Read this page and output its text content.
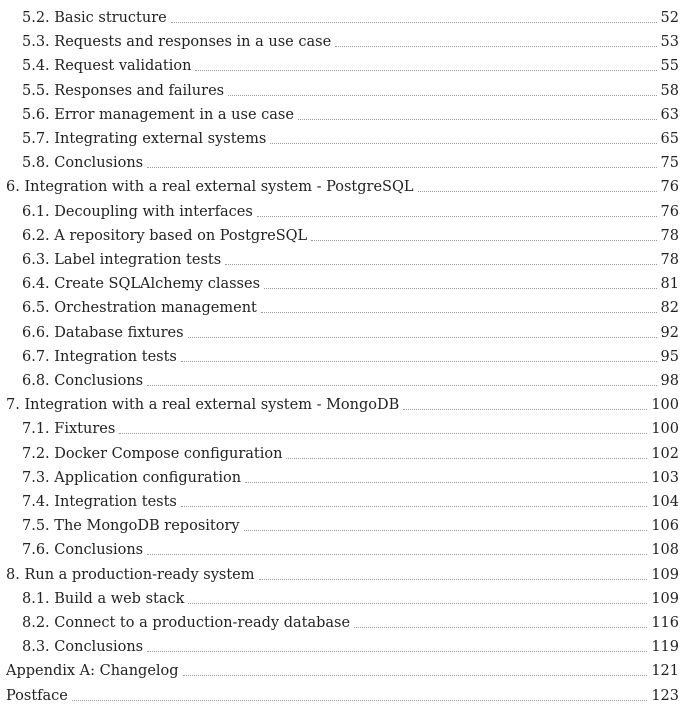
5.2. Basic structure	52
5.3. Requests and responses in a use case	53
5.4. Request validation	55
5.5. Responses and failures	58
5.6. Error management in a use case	63
5.7. Integrating external systems	65
5.8. Conclusions	75
6. Integration with a real external system - PostgreSQL	76
6.1. Decoupling with interfaces	76
6.2. A repository based on PostgreSQL	78
6.3. Label integration tests	78
6.4. Create SQLAlchemy classes	81
6.5. Orchestration management	82
6.6. Database fixtures	92
6.7. Integration tests	95
6.8. Conclusions	98
7. Integration with a real external system - MongoDB	100
7.1. Fixtures	100
7.2. Docker Compose configuration	102
7.3. Application configuration	103
7.4. Integration tests	104
7.5. The MongoDB repository	106
7.6. Conclusions	108
8. Run a production-ready system	109
8.1. Build a web stack	109
8.2. Connect to a production-ready database	116
8.3. Conclusions	119
Appendix A: Changelog	121
Postface	123
